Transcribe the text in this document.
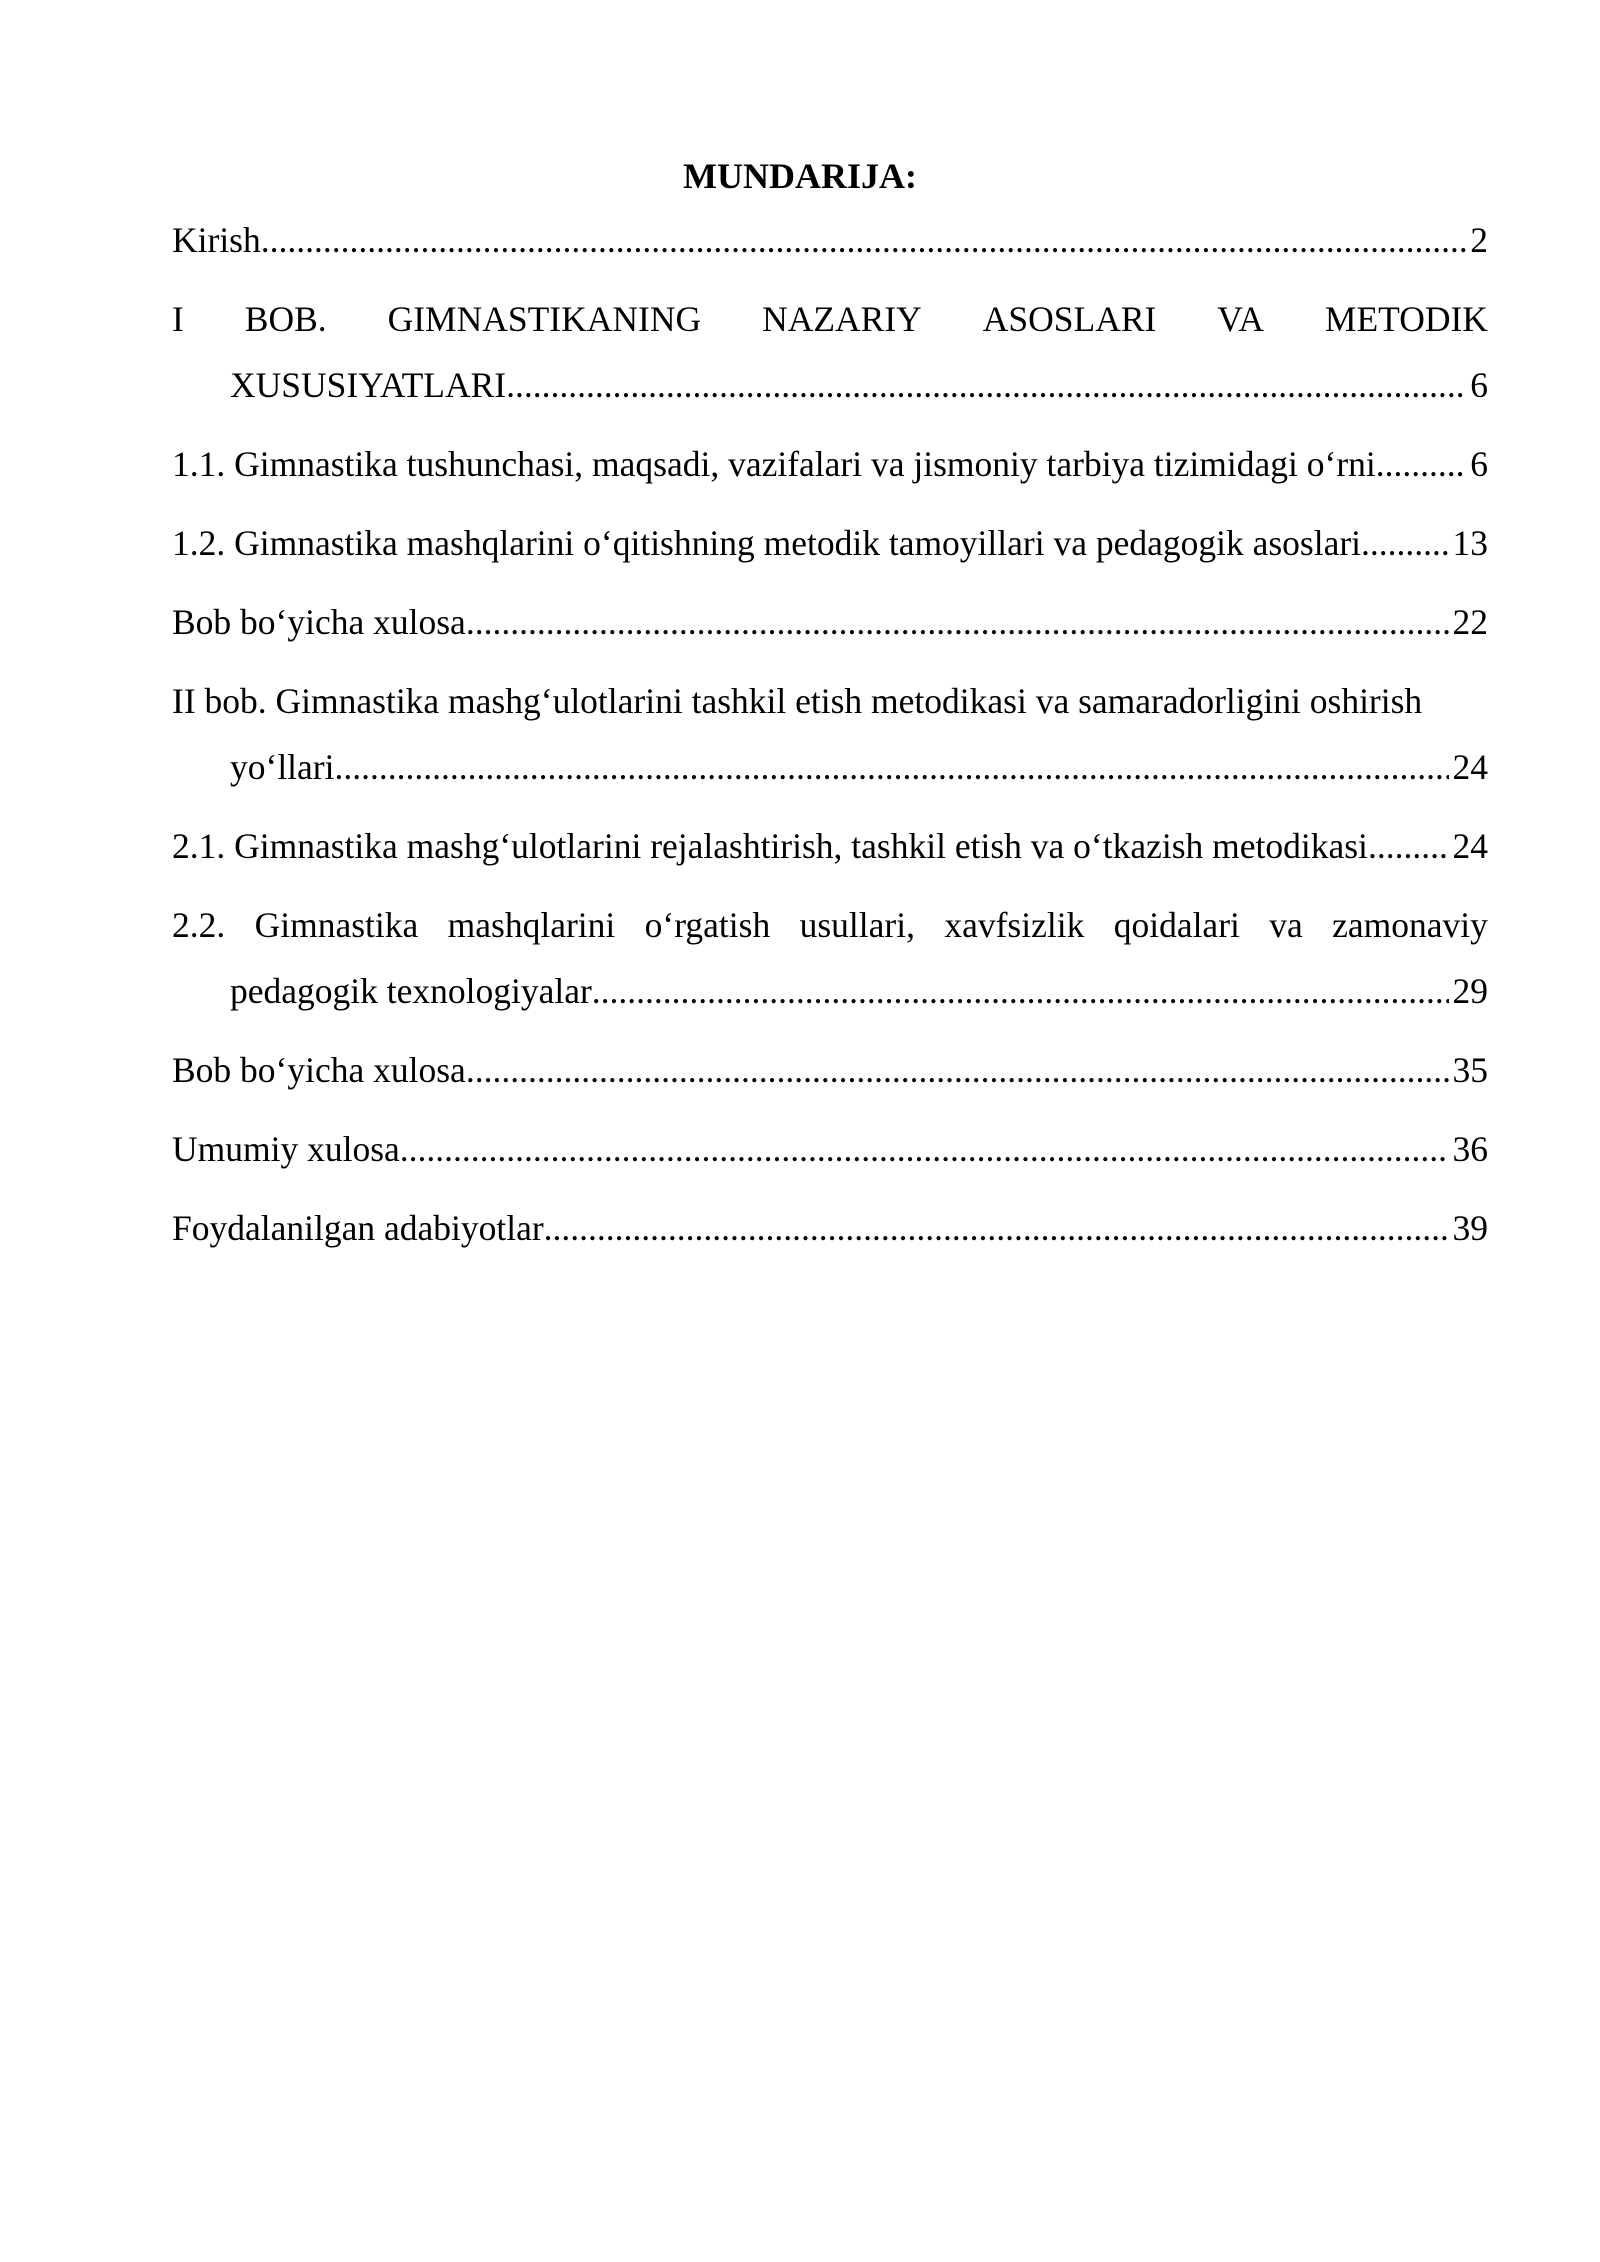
MUNDARIJA:
Kirish .....	2
I BOB. GIMNASTIKANING NAZARIY ASOSLARI VA METODIK
XUSUSIYATLARI .....	6
1.1. Gimnastika tushunchasi, maqsadi, vazifalari va jismoniy tarbiya tizimidagi o‘rni. ..... 6
1.2. Gimnastika mashqlarini o‘qitishning metodik tamoyillari va pedagogik asoslari. ..... 13
Bob bo‘yicha xulosa .....	22
II bob. Gimnastika mashg‘ulotlarini tashkil etish metodikasi va samaradorligini oshirish
yo‘llari .....	24
2.1. Gimnastika mashg‘ulotlarini rejalashtirish, tashkil etish va o‘tkazish metodikasi ..... 24
2.2. Gimnastika mashqlarini o‘rgatish usullari, xavfsizlik qoidalari va zamonaviy
pedagogik texnologiyalar .....	29
Bob bo‘yicha xulosa .....	35
Umumiy xulosa .....	36
Foydalanilgan adabiyotlar .....	39
